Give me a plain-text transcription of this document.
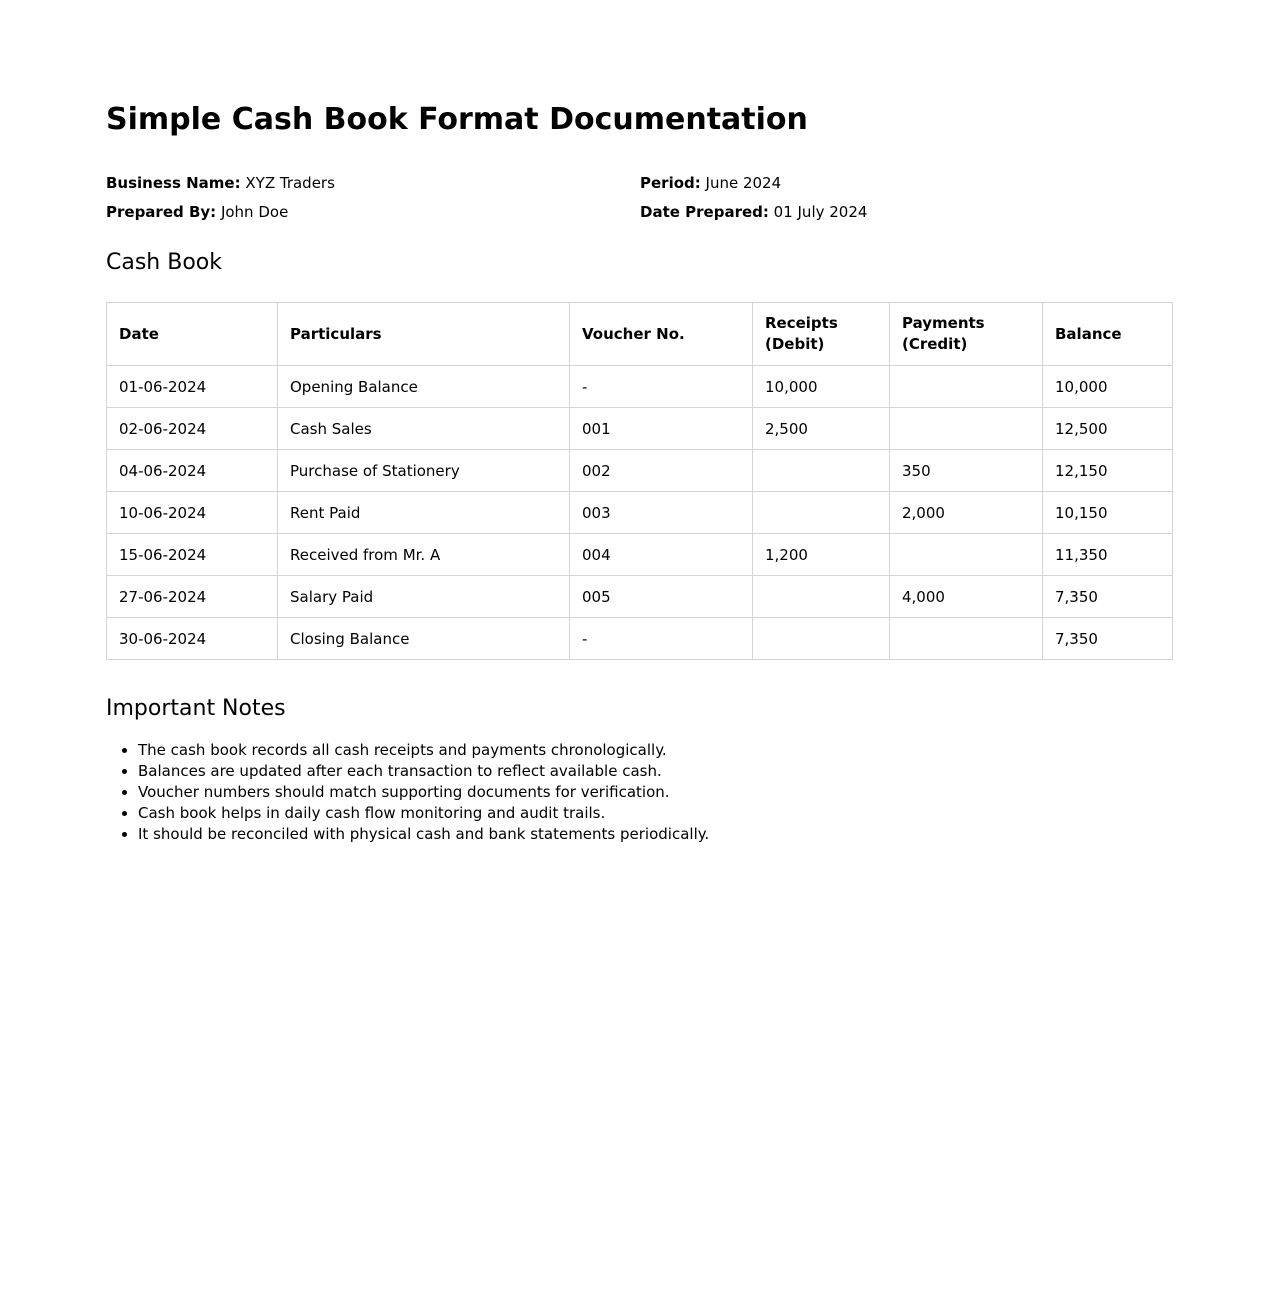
Simple Cash Book Format Documentation
Business Name: XYZ Traders
Prepared By: John Doe
Period: June 2024
Date Prepared: 01 July 2024
Cash Book
Date	Particulars	Voucher No.	Receipts (Debit)	Payments (Credit)	Balance
01-06-2024	Opening Balance	-	10,000		10,000
02-06-2024	Cash Sales	001	2,500		12,500
04-06-2024	Purchase of Stationery	002		350	12,150
10-06-2024	Rent Paid	003		2,000	10,150
15-06-2024	Received from Mr. A	004	1,200		11,350
27-06-2024	Salary Paid	005		4,000	7,350
30-06-2024	Closing Balance	-			7,350
Important Notes
• The cash book records all cash receipts and payments chronologically.
• Balances are updated after each transaction to reflect available cash.
• Voucher numbers should match supporting documents for verification.
• Cash book helps in daily cash flow monitoring and audit trails.
• It should be reconciled with physical cash and bank statements periodically.
